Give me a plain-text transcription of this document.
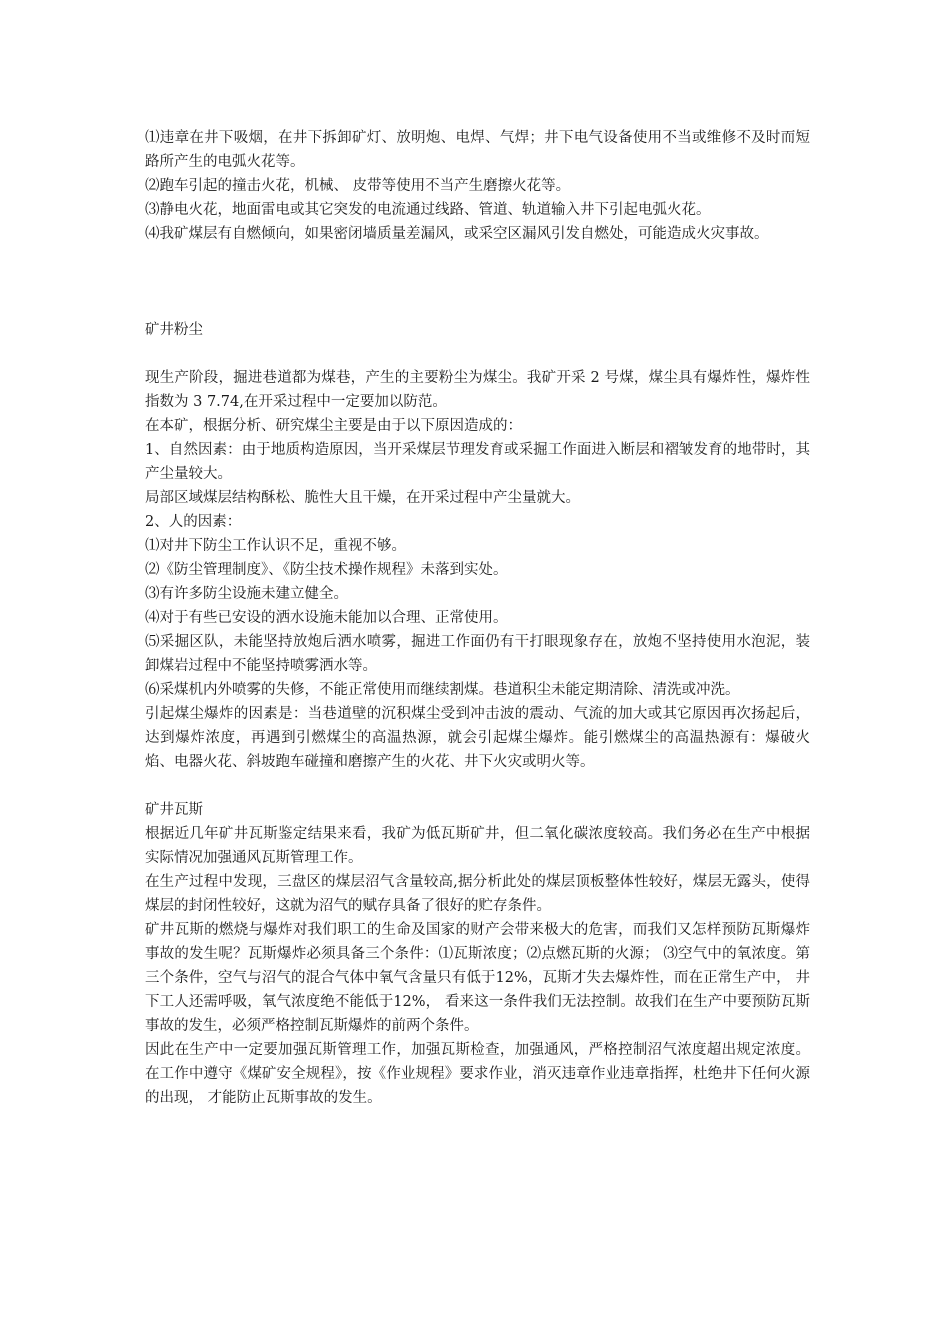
⑴违章在井下吸烟，在井下拆卸矿灯、放明炮、电焊、气焊；井下电气设备使用不当或维修不及时而短路所产生的电弧火花等。

⑵跑车引起的撞击火花，机械、 皮带等使用不当产生磨擦火花等。

⑶静电火花，地面雷电或其它突发的电流通过线路、管道、轨道输入井下引起电弧火花。

⑷我矿煤层有自燃倾向，如果密闭墙质量差漏风，或采空区漏风引发自燃处，可能造成火灾事故。

矿井粉尘

现生产阶段，掘进巷道都为煤巷，产生的主要粉尘为煤尘。我矿开采 2 号煤，煤尘具有爆炸性，爆炸性指数为 3 7.74,在开采过程中一定要加以防范。

在本矿，根据分析、研究煤尘主要是由于以下原因造成的：

1、自然因素：由于地质构造原因，当开采煤层节理发育或采掘工作面进入断层和褶皱发育的地带时，其产尘量较大。

局部区域煤层结构酥松、脆性大且干燥，在开采过程中产尘量就大。

2、人的因素：

⑴对井下防尘工作认识不足，重视不够。

⑵《防尘管理制度》、《防尘技术操作规程》未落到实处。

⑶有许多防尘设施未建立健全。

⑷对于有些已安设的洒水设施未能加以合理、正常使用。

⑸采掘区队，未能坚持放炮后洒水喷雾，掘进工作面仍有干打眼现象存在，放炮不坚持使用水泡泥，装卸煤岩过程中不能坚持喷雾洒水等。

⑹采煤机内外喷雾的失修，不能正常使用而继续割煤。巷道积尘未能定期清除、清洗或冲洗。

引起煤尘爆炸的因素是：当巷道壁的沉积煤尘受到冲击波的震动、气流的加大或其它原因再次扬起后，达到爆炸浓度，再遇到引燃煤尘的高温热源，就会引起煤尘爆炸。能引燃煤尘的高温热源有：爆破火焰、电器火花、斜坡跑车碰撞和磨擦产生的火花、井下火灾或明火等。

矿井瓦斯

根据近几年矿井瓦斯鉴定结果来看，我矿为低瓦斯矿井，但二氧化碳浓度较高。我们务必在生产中根据实际情况加强通风瓦斯管理工作。

在生产过程中发现，三盘区的煤层沼气含量较高,据分析此处的煤层顶板整体性较好，煤层无露头，使得煤层的封闭性较好，这就为沼气的赋存具备了很好的贮存条件。

矿井瓦斯的燃烧与爆炸对我们职工的生命及国家的财产会带来极大的危害，而我们又怎样预防瓦斯爆炸事故的发生呢？瓦斯爆炸必须具备三个条件：⑴瓦斯浓度；⑵点燃瓦斯的火源； ⑶空气中的氧浓度。第三个条件，空气与沼气的混合气体中氧气含量只有低于12%，瓦斯才失去爆炸性，而在正常生产中， 井下工人还需呼吸，氧气浓度绝不能低于12%， 看来这一条件我们无法控制。故我们在生产中要预防瓦斯事故的发生，必须严格控制瓦斯爆炸的前两个条件。

因此在生产中一定要加强瓦斯管理工作，加强瓦斯检查，加强通风，严格控制沼气浓度超出规定浓度。在工作中遵守《煤矿安全规程》，按《作业规程》要求作业，消灭违章作业违章指挥，杜绝井下任何火源的出现， 才能防止瓦斯事故的发生。
